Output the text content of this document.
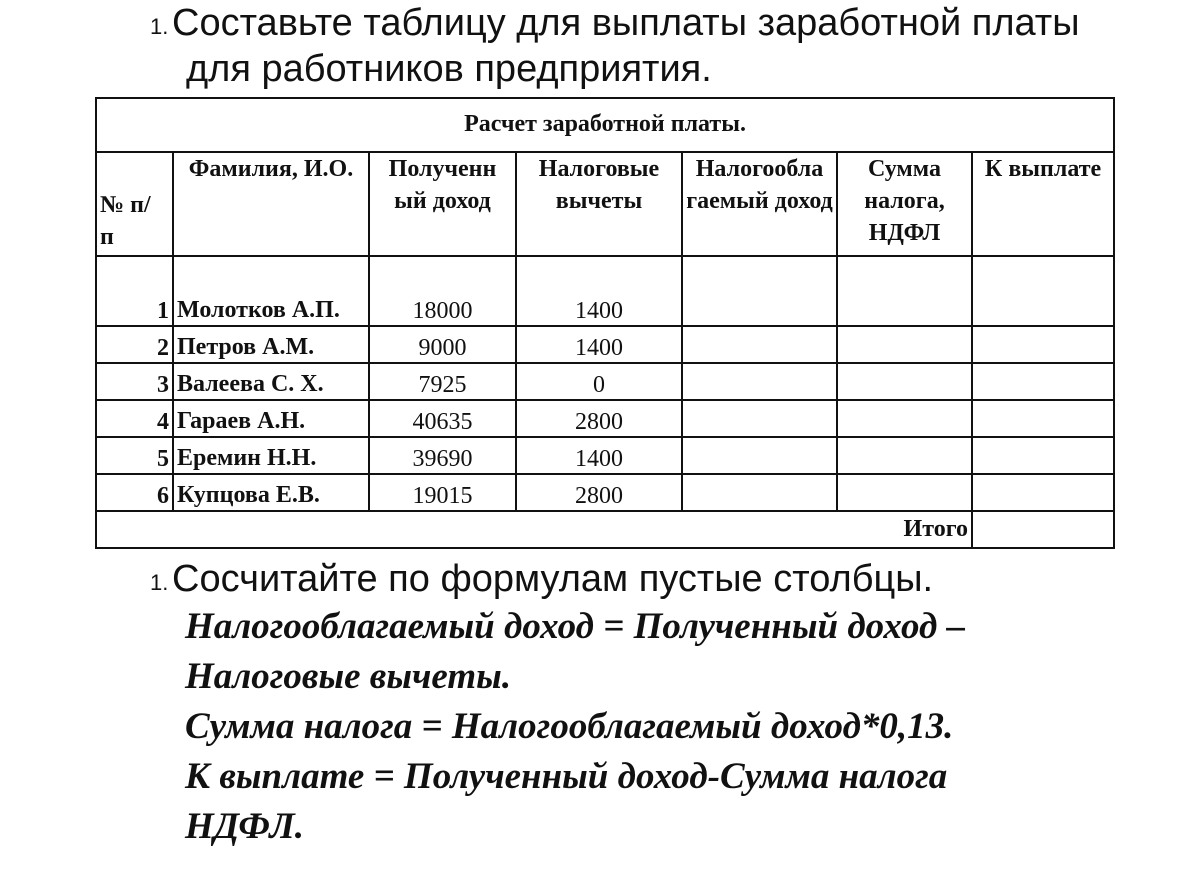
1. Составьте таблицу для выплаты заработной платы
для работников предприятия.
Расчет заработной платы.						
№ п/ п	Фамилия, И.О.	Полученн ый доход	Налоговые вычеты	Налогообла гаемый доход	Сумма налога, НДФЛ	К выплате
1	Молотков А.П.	18000	1400			
2	Петров А.М.	9000	1400			
3	Валеева С. Х.	7925	0			
4	Гараев А.Н.	40635	2800			
5	Еремин Н.Н.	39690	1400			
6	Купцова Е.В.	19015	2800			
Итого						
1. Сосчитайте по формулам пустые столбцы.
Налогооблагаемый доход = Полученный доход –
Налоговые вычеты.
Сумма налога = Налогооблагаемый доход*0,13.
К выплате = Полученный доход-Сумма налога
НДФЛ.
